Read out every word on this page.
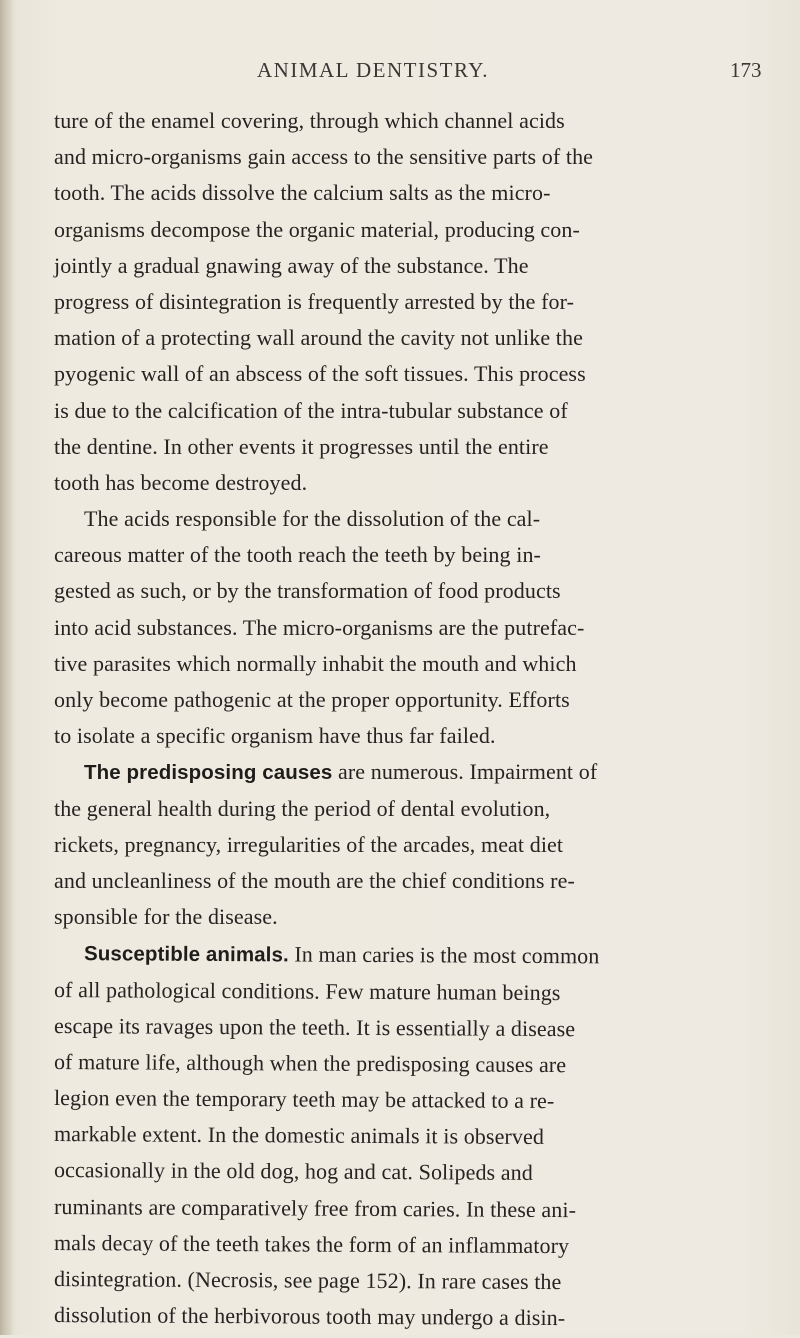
ANIMAL DENTISTRY.	173
ture of the enamel covering, through which channel acids
and micro-organisms gain access to the sensitive parts of the
tooth. The acids dissolve the calcium salts as the micro-
organisms decompose the organic material, producing con-
jointly a gradual gnawing away of the substance. The
progress of disintegration is frequently arrested by the for-
mation of a protecting wall around the cavity not unlike the
pyogenic wall of an abscess of the soft tissues. This process
is due to the calcification of the intra-tubular substance of
the dentine. In other events it progresses until the entire
tooth has become destroyed.
The acids responsible for the dissolution of the cal-
careous matter of the tooth reach the teeth by being in-
gested as such, or by the transformation of food products
into acid substances. The micro-organisms are the putrefac-
tive parasites which normally inhabit the mouth and which
only become pathogenic at the proper opportunity. Efforts
to isolate a specific organism have thus far failed.
The predisposing causes are numerous. Impairment of
the general health during the period of dental evolution,
rickets, pregnancy, irregularities of the arcades, meat diet
and uncleanliness of the mouth are the chief conditions re-
sponsible for the disease.
Susceptible animals. In man caries is the most common
of all pathological conditions. Few mature human beings
escape its ravages upon the teeth. It is essentially a disease
of mature life, although when the predisposing causes are
legion even the temporary teeth may be attacked to a re-
markable extent. In the domestic animals it is observed
occasionally in the old dog, hog and cat. Solipeds and
ruminants are comparatively free from caries. In these ani-
mals decay of the teeth takes the form of an inflammatory
disintegration. (Necrosis, see page 152). In rare cases the
dissolution of the herbivorous tooth may undergo a disin-
